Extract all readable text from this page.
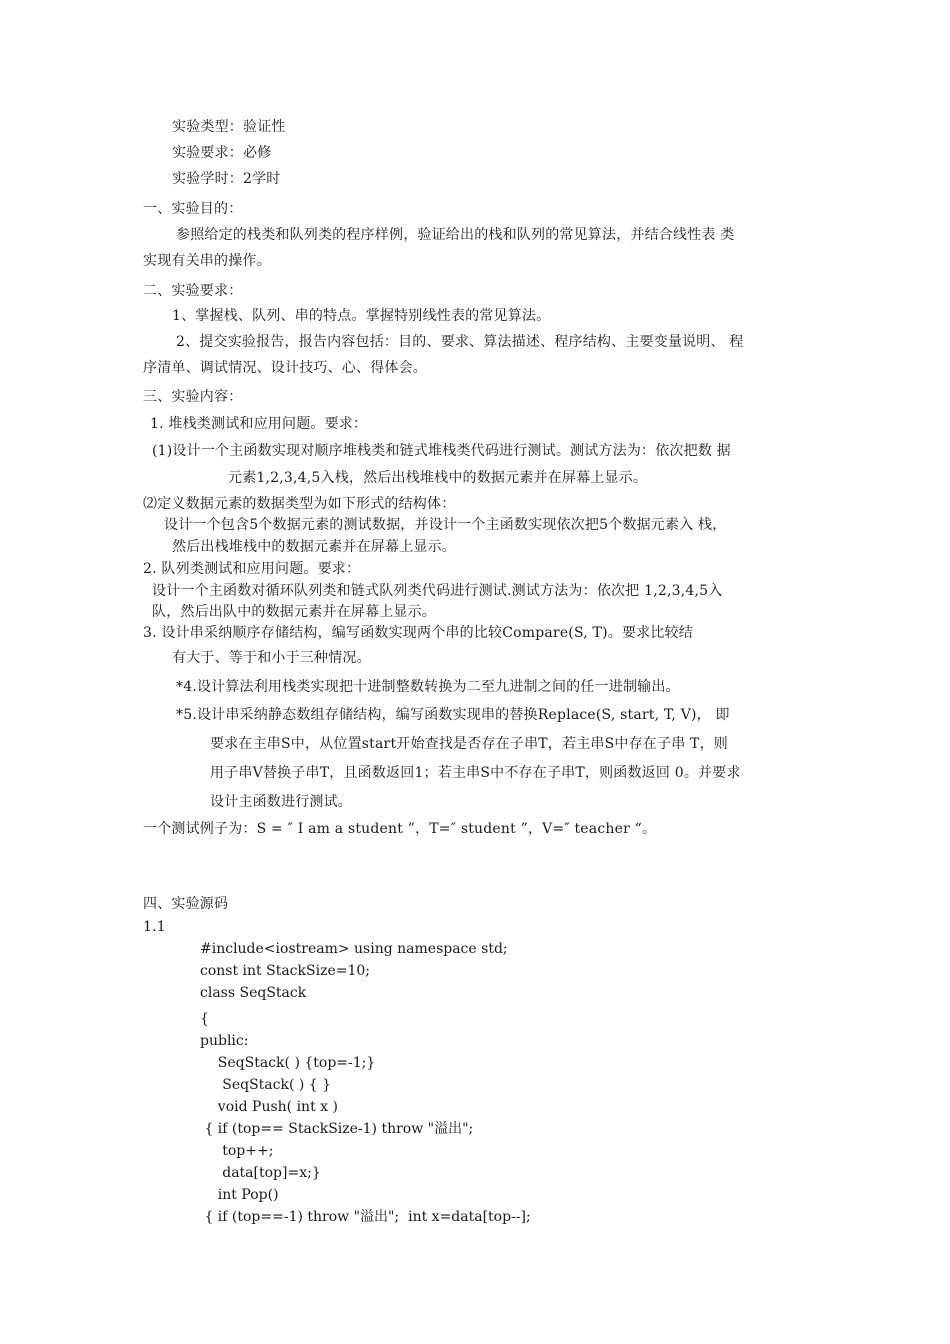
实验类型：验证性
实验要求：必修
实验学时：2学时
一、实验目的：
参照给定的栈类和队列类的程序样例，验证给出的栈和队列的常见算法，并结合线性表 类
实现有关串的操作。
二、实验要求：
1、掌握栈、队列、串的特点。掌握特别线性表的常见算法。
2、提交实验报告，报告内容包括：目的、要求、算法描述、程序结构、主要变量说明、 程
序清单、调试情况、设计技巧、心、得体会。
三、实验内容：
1. 堆栈类测试和应用问题。要求：
(1)设计一个主函数实现对顺序堆栈类和链式堆栈类代码进行测试。测试方法为：依次把数 据
元素1,2,3,4,5入栈，然后出栈堆栈中的数据元素并在屏幕上显示。
⑵定义数据元素的数据类型为如下形式的结构体：
设计一个包含5个数据元素的测试数据，并设计一个主函数实现依次把5个数据元素入 栈，
然后出栈堆栈中的数据元素并在屏幕上显示。
2. 队列类测试和应用问题。要求：
设计一个主函数对循环队列类和链式队列类代码进行测试.测试方法为：依次把 1,2,3,4,5入
队，然后出队中的数据元素并在屏幕上显示。
3. 设计串采纳顺序存储结构，编写函数实现两个串的比较Compare(S, T)。要求比较结
有大于、等于和小于三种情况。
*4.设计算法利用栈类实现把十进制整数转换为二至九进制之间的任一进制输出。
*5.设计串采纳静态数组存储结构，编写函数实现串的替换Replace(S, start, T, V)， 即
要求在主串S中，从位置start开始查找是否存在子串T，若主串S中存在子串 T，则
用子串V替换子串T，且函数返回1；若主串S中不存在子串T，则函数返回 0。并要求
设计主函数进行测试。
一个测试例子为：S = ″ I am a student ”，T=″ student ”，V=″ teacher “。
四、实验源码
1.1
#include<iostream> using namespace std;
const int StackSize=10;
class SeqStack
{
public:
SeqStack( ) {top=-1;}
SeqStack( ) { }
void Push( int x )
{ if (top== StackSize-1) throw "溢出";
top++;
data[top]=x;}
int Pop()
{ if (top==-1) throw "溢出";  int x=data[top--];
